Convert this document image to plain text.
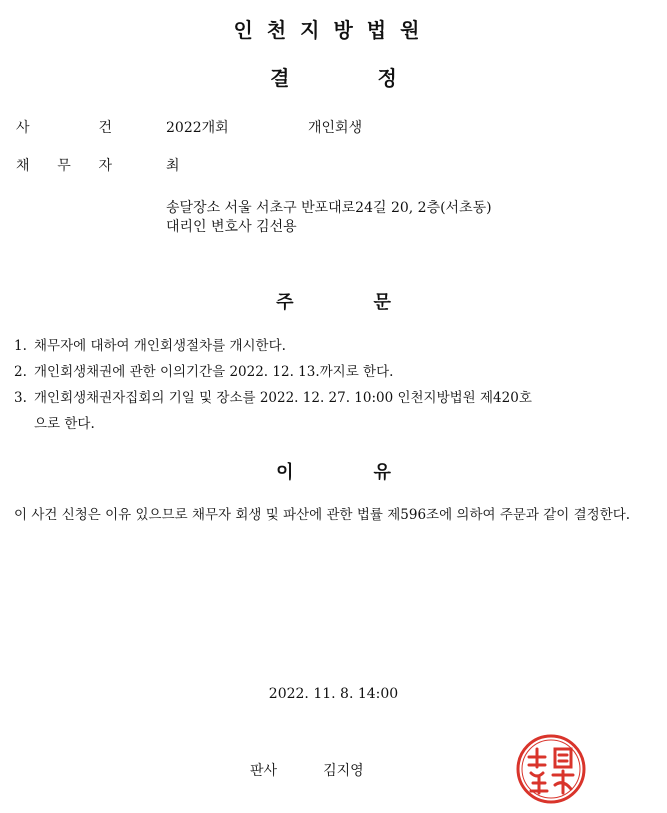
인천지방법원
결	정
사	건	2022개회	개인회생
채 무 자	최
송달장소 서울 서초구 반포대로24길 20, 2층(서초동)
대리인 변호사 김선용
주	문
1. 채무자에 대하여 개인회생절차를 개시한다.
2. 개인회생채권에 관한 이의기간을 2022. 12. 13.까지로 한다.
3. 개인회생채권자집회의 기일 및 장소를 2022. 12. 27. 10:00 인천지방법원 제420호
으로 한다.
이	유
이 사건 신청은 이유 있으므로 채무자 회생 및 파산에 관한 법률 제596조에 의하여 주문과 같이 결정한다.
2022. 11. 8. 14:00
판사	김지영
